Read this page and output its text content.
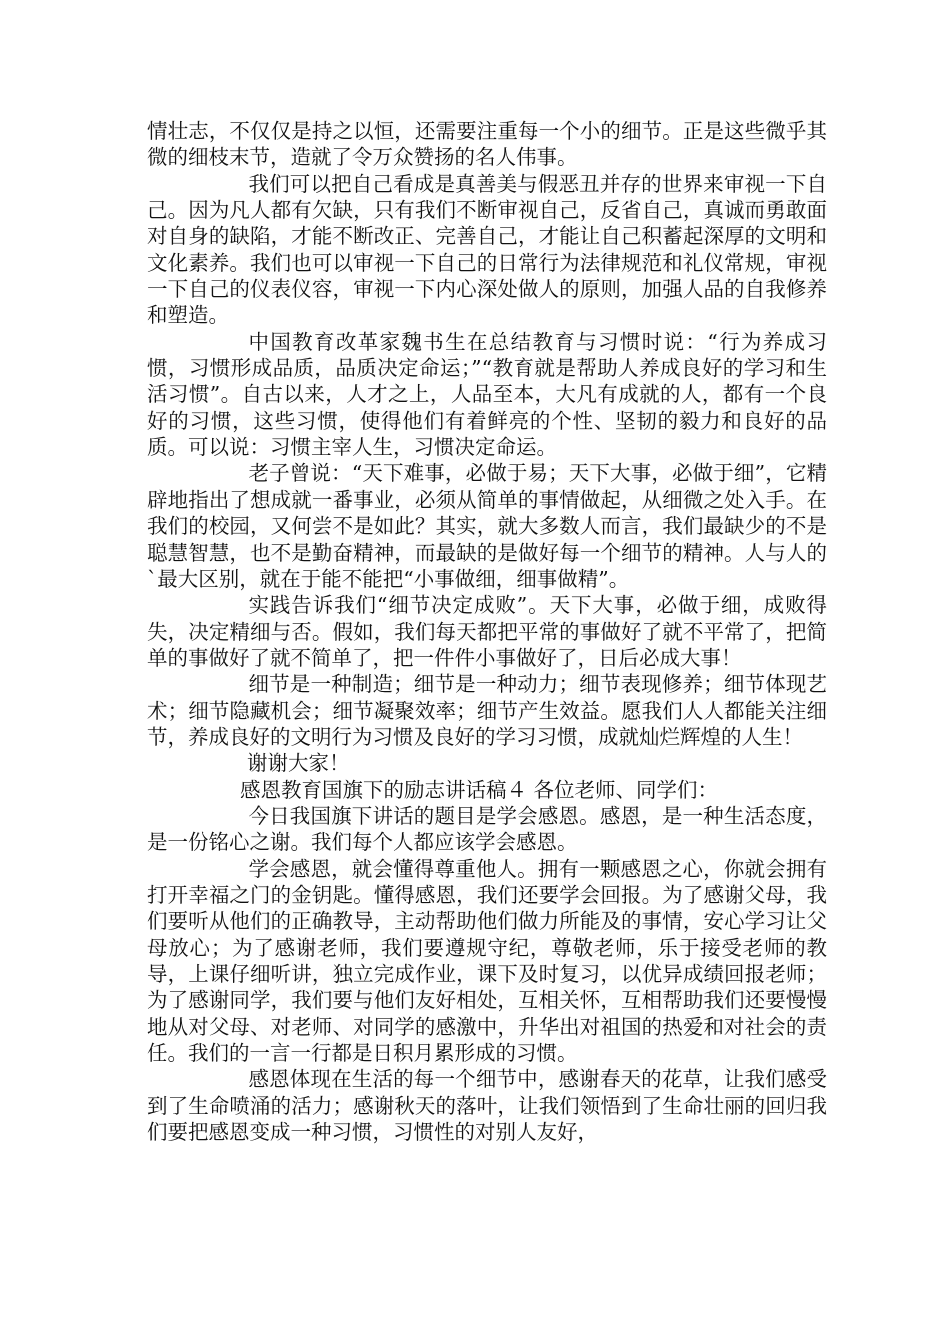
情壮志，不仅仅是持之以恒，还需要注重每一个小的细节。正是这些微乎其微的细枝末节，造就了令万众赞扬的名人伟事。

我们可以把自己看成是真善美与假恶丑并存的世界来审视一下自己。因为凡人都有欠缺，只有我们不断审视自己，反省自己，真诚而勇敢面对自身的缺陷，才能不断改正、完善自己，才能让自己积蓄起深厚的文明和文化素养。我们也可以审视一下自己的日常行为法律规范和礼仪常规，审视一下自己的仪表仪容，审视一下内心深处做人的原则，加强人品的自我修养和塑造。

中国教育改革家魏书生在总结教育与习惯时说：“行为养成习惯，习惯形成品质，品质决定命运；”“教育就是帮助人养成良好的学习和生活习惯”。自古以来，人才之上，人品至本，大凡有成就的人，都有一个良好的习惯，这些习惯，使得他们有着鲜亮的个性、坚韧的毅力和良好的品质。可以说：习惯主宰人生，习惯决定命运。

老子曾说：“天下难事，必做于易；天下大事，必做于细”，它精辟地指出了想成就一番事业，必须从简单的事情做起，从细微之处入手。在我们的校园，又何尝不是如此？其实，就大多数人而言，我们最缺少的不是聪慧智慧，也不是勤奋精神，而最缺的是做好每一个细节的精神。人与人的`最大区别，就在于能不能把“小事做细，细事做精”。

实践告诉我们“细节决定成败”。天下大事，必做于细，成败得失，决定精细与否。假如，我们每天都把平常的事做好了就不平常了，把简单的事做好了就不简单了，把一件件小事做好了，日后必成大事！

细节是一种制造；细节是一种动力；细节表现修养；细节体现艺术；细节隐藏机会；细节凝聚效率；细节产生效益。愿我们人人都能关注细节，养成良好的文明行为习惯及良好的学习习惯，成就灿烂辉煌的人生！

谢谢大家！

感恩教育国旗下的励志讲话稿４ 各位老师、同学们：

今日我国旗下讲话的题目是学会感恩。感恩，是一种生活态度，是一份铭心之谢。我们每个人都应该学会感恩。

学会感恩，就会懂得尊重他人。拥有一颗感恩之心，你就会拥有打开幸福之门的金钥匙。懂得感恩，我们还要学会回报。为了感谢父母，我们要听从他们的正确教导，主动帮助他们做力所能及的事情，安心学习让父母放心；为了感谢老师，我们要遵规守纪，尊敬老师，乐于接受老师的教导，上课仔细听讲，独立完成作业，课下及时复习，以优异成绩回报老师；为了感谢同学，我们要与他们友好相处，互相关怀，互相帮助我们还要慢慢地从对父母、对老师、对同学的感激中，升华出对祖国的热爱和对社会的责任。我们的一言一行都是日积月累形成的习惯。

感恩体现在生活的每一个细节中，感谢春天的花草，让我们感受到了生命喷涌的活力；感谢秋天的落叶，让我们领悟到了生命壮丽的回归我们要把感恩变成一种习惯，习惯性的对别人友好，
